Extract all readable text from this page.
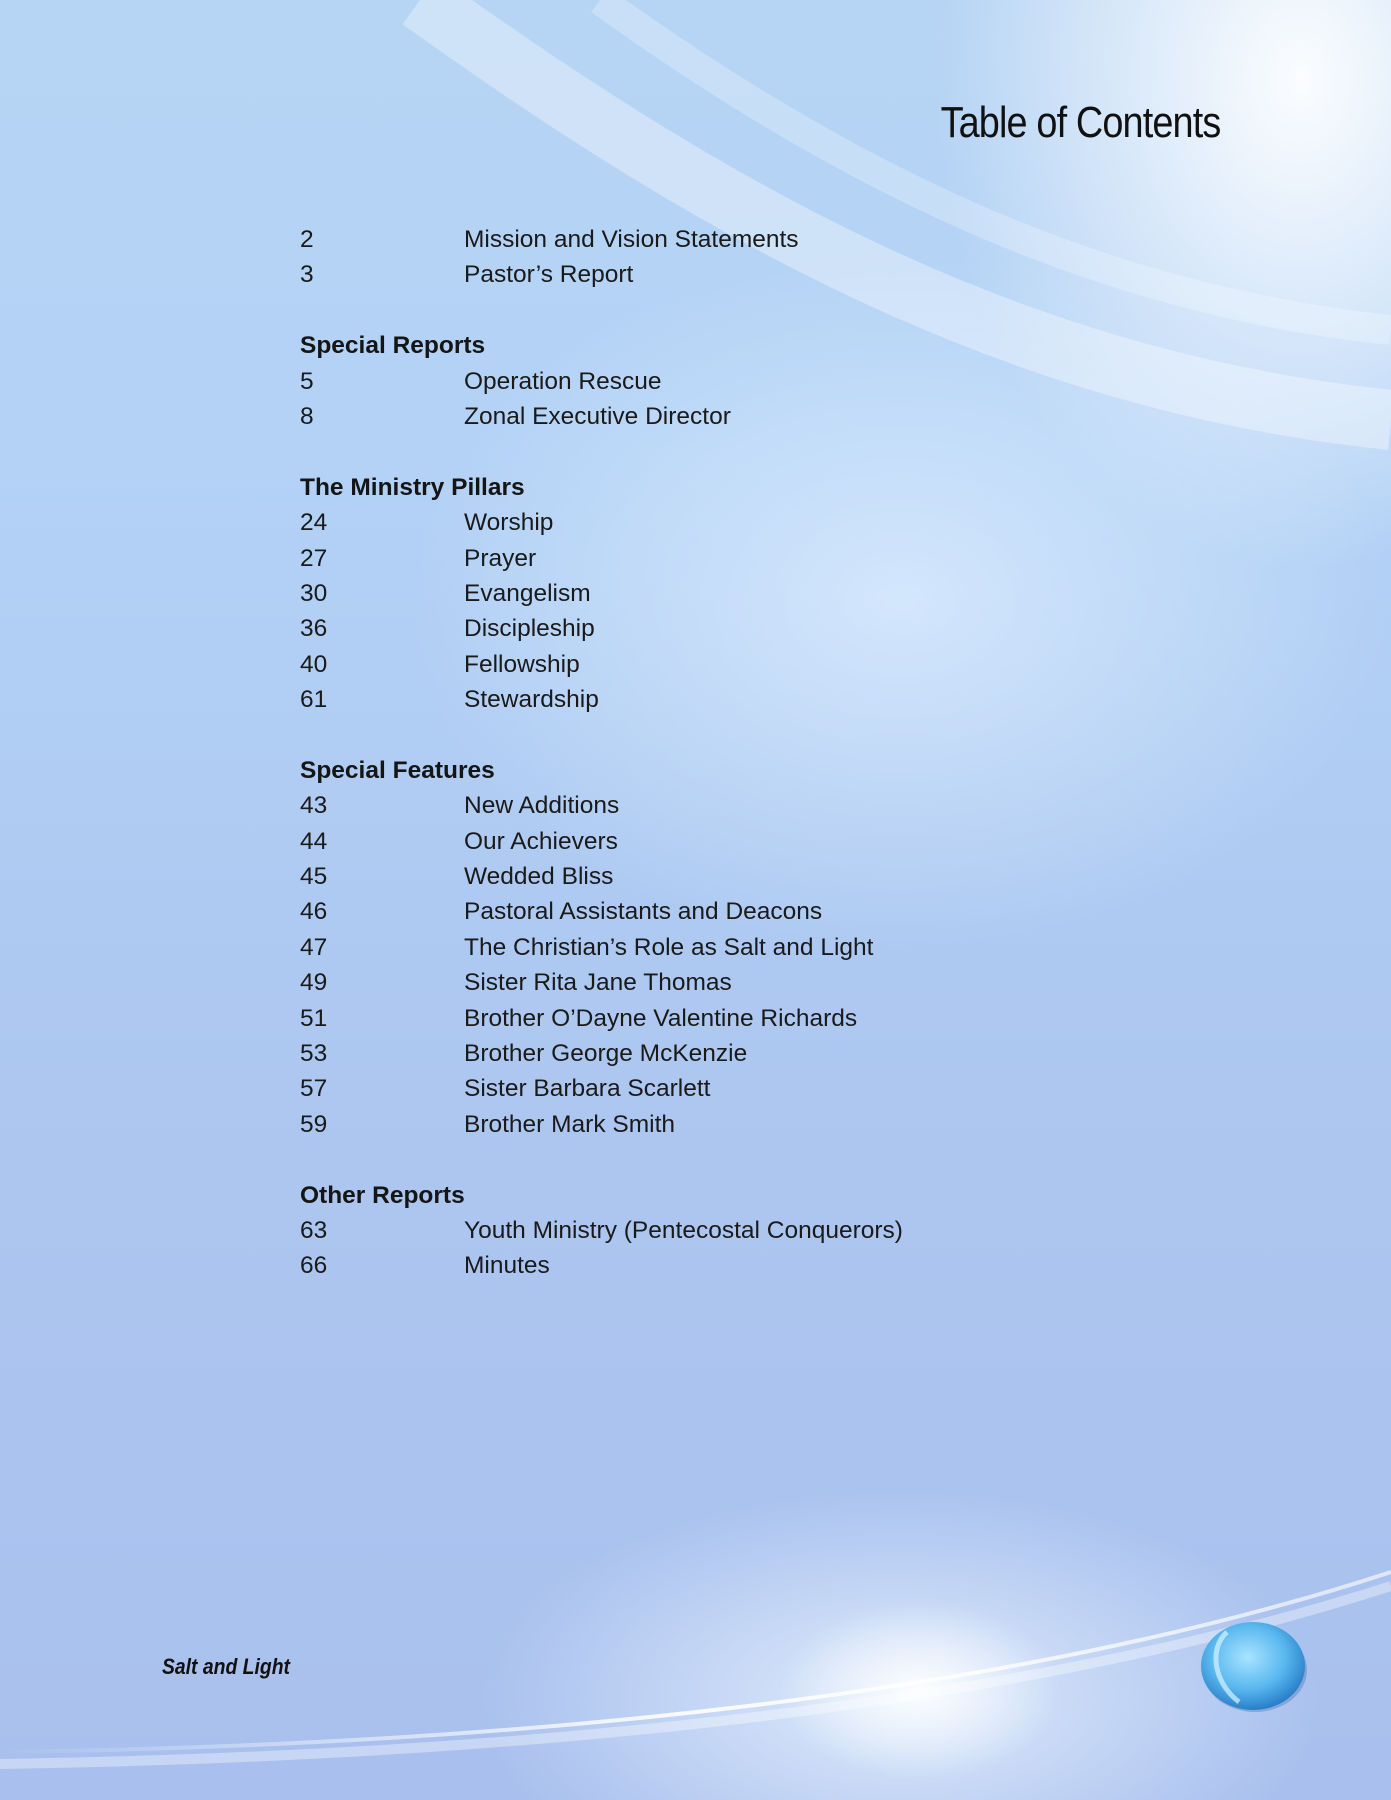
Table of Contents
2	Mission and Vision Statements
3	Pastor’s Report
Special Reports
5	Operation Rescue
8	Zonal Executive Director
The Ministry Pillars
24	Worship
27	Prayer
30	Evangelism
36	Discipleship
40	Fellowship
61	Stewardship
Special Features
43	New Additions
44	Our Achievers
45	Wedded Bliss
46	Pastoral Assistants and Deacons
47	The Christian’s Role as Salt and Light
49	Sister Rita Jane Thomas
51	Brother O’Dayne Valentine Richards
53	Brother George McKenzie
57	Sister Barbara Scarlett
59	Brother Mark Smith
Other Reports
63	Youth Ministry (Pentecostal Conquerors)
66	Minutes
Salt and Light
